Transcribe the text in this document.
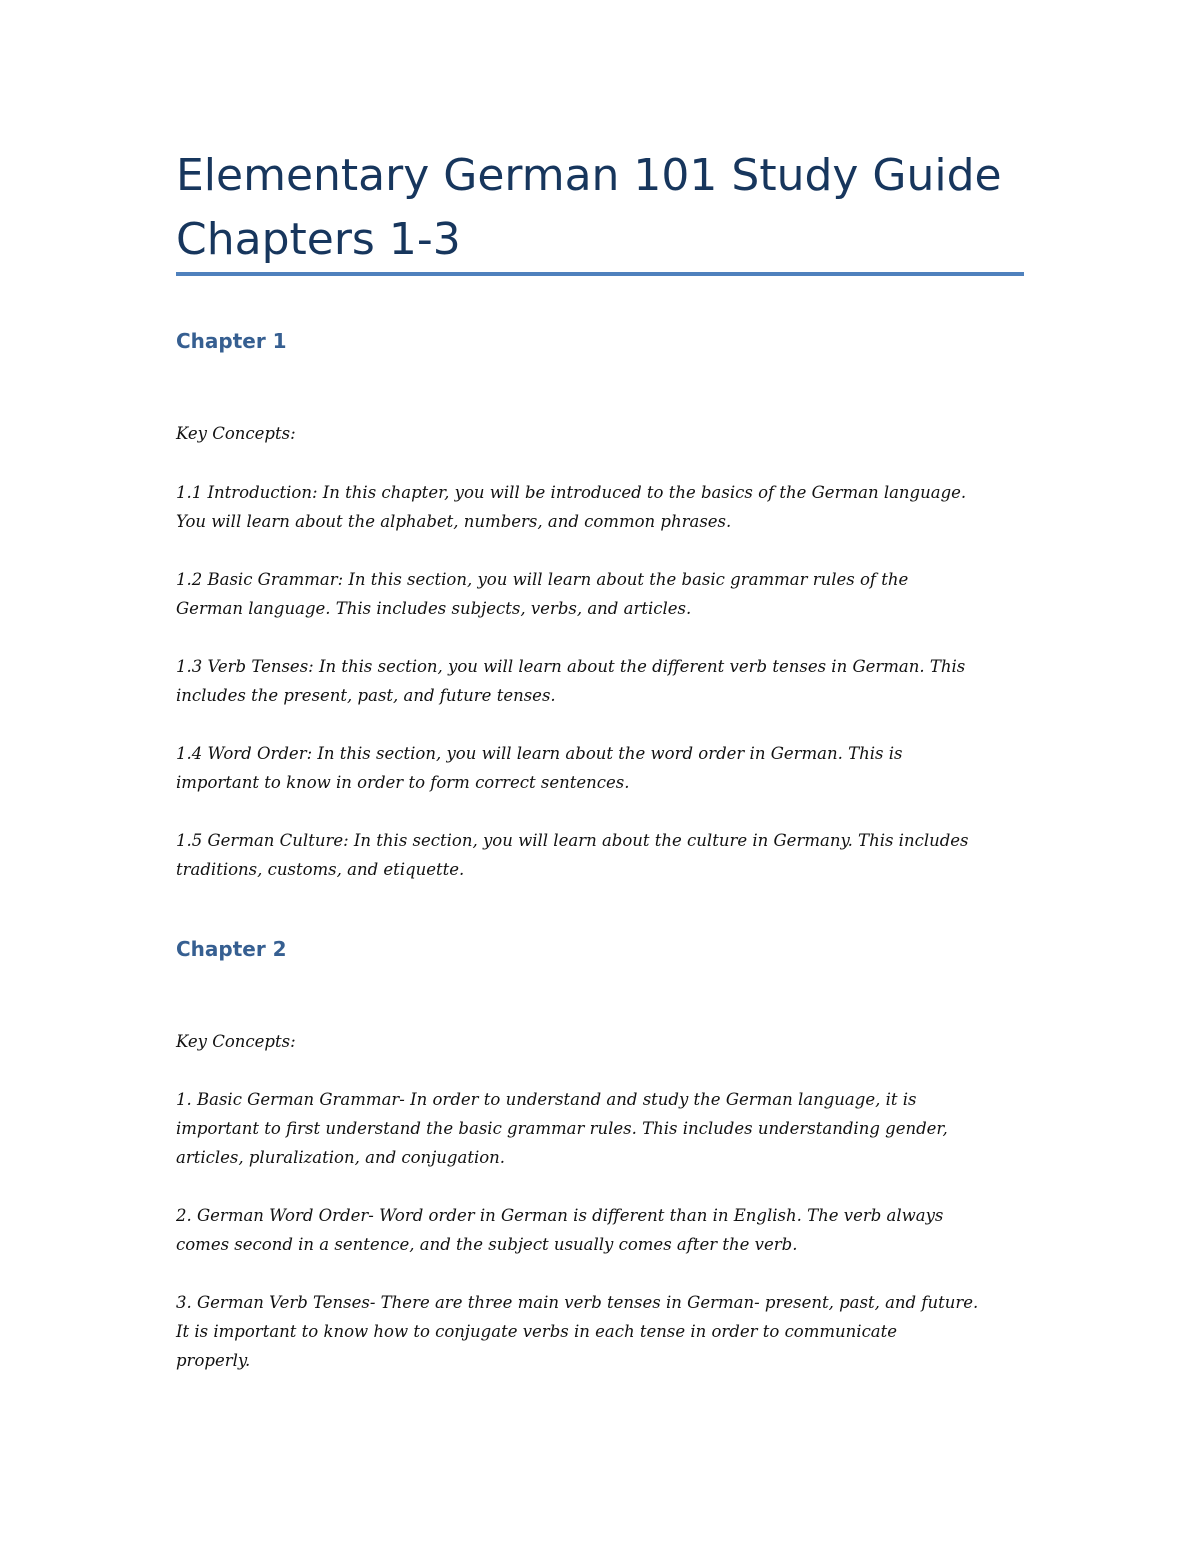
Elementary German 101 Study Guide
Chapters 1-3
Chapter 1

Key Concepts:

1.1 Introduction: In this chapter, you will be introduced to the basics of the German language.
You will learn about the alphabet, numbers, and common phrases.

1.2 Basic Grammar: In this section, you will learn about the basic grammar rules of the
German language. This includes subjects, verbs, and articles.

1.3 Verb Tenses: In this section, you will learn about the different verb tenses in German. This
includes the present, past, and future tenses.

1.4 Word Order: In this section, you will learn about the word order in German. This is
important to know in order to form correct sentences.

1.5 German Culture: In this section, you will learn about the culture in Germany. This includes
traditions, customs, and etiquette.

Chapter 2

Key Concepts:

1. Basic German Grammar- In order to understand and study the German language, it is
important to first understand the basic grammar rules. This includes understanding gender,
articles, pluralization, and conjugation.

2. German Word Order- Word order in German is different than in English. The verb always
comes second in a sentence, and the subject usually comes after the verb.

3. German Verb Tenses- There are three main verb tenses in German- present, past, and future.
It is important to know how to conjugate verbs in each tense in order to communicate
properly.
